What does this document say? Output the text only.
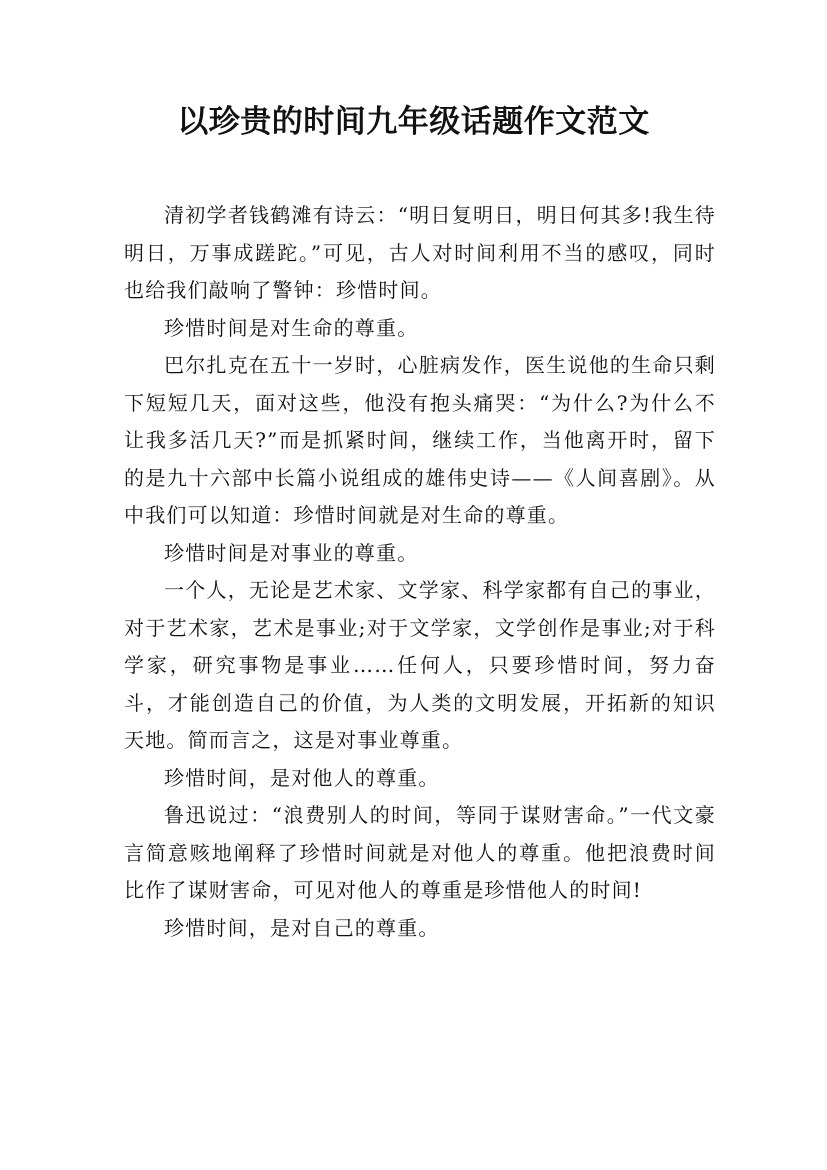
以珍贵的时间九年级话题作文范文

清初学者钱鹤滩有诗云：“明日复明日，明日何其多!我生待明日，万事成蹉跎。”可见，古人对时间利用不当的感叹，同时也给我们敲响了警钟：珍惜时间。

珍惜时间是对生命的尊重。

巴尔扎克在五十一岁时，心脏病发作，医生说他的生命只剩下短短几天，面对这些，他没有抱头痛哭：“为什么?为什么不让我多活几天?”而是抓紧时间，继续工作，当他离开时，留下的是九十六部中长篇小说组成的雄伟史诗——《人间喜剧》。从中我们可以知道：珍惜时间就是对生命的尊重。

珍惜时间是对事业的尊重。

一个人，无论是艺术家、文学家、科学家都有自己的事业，对于艺术家，艺术是事业;对于文学家，文学创作是事业;对于科学家，研究事物是事业……任何人，只要珍惜时间，努力奋斗，才能创造自己的价值，为人类的文明发展，开拓新的知识天地。简而言之，这是对事业尊重。

珍惜时间，是对他人的尊重。

鲁迅说过：“浪费别人的时间，等同于谋财害命。”一代文豪言简意赅地阐释了珍惜时间就是对他人的尊重。他把浪费时间比作了谋财害命，可见对他人的尊重是珍惜他人的时间!

珍惜时间，是对自己的尊重。
